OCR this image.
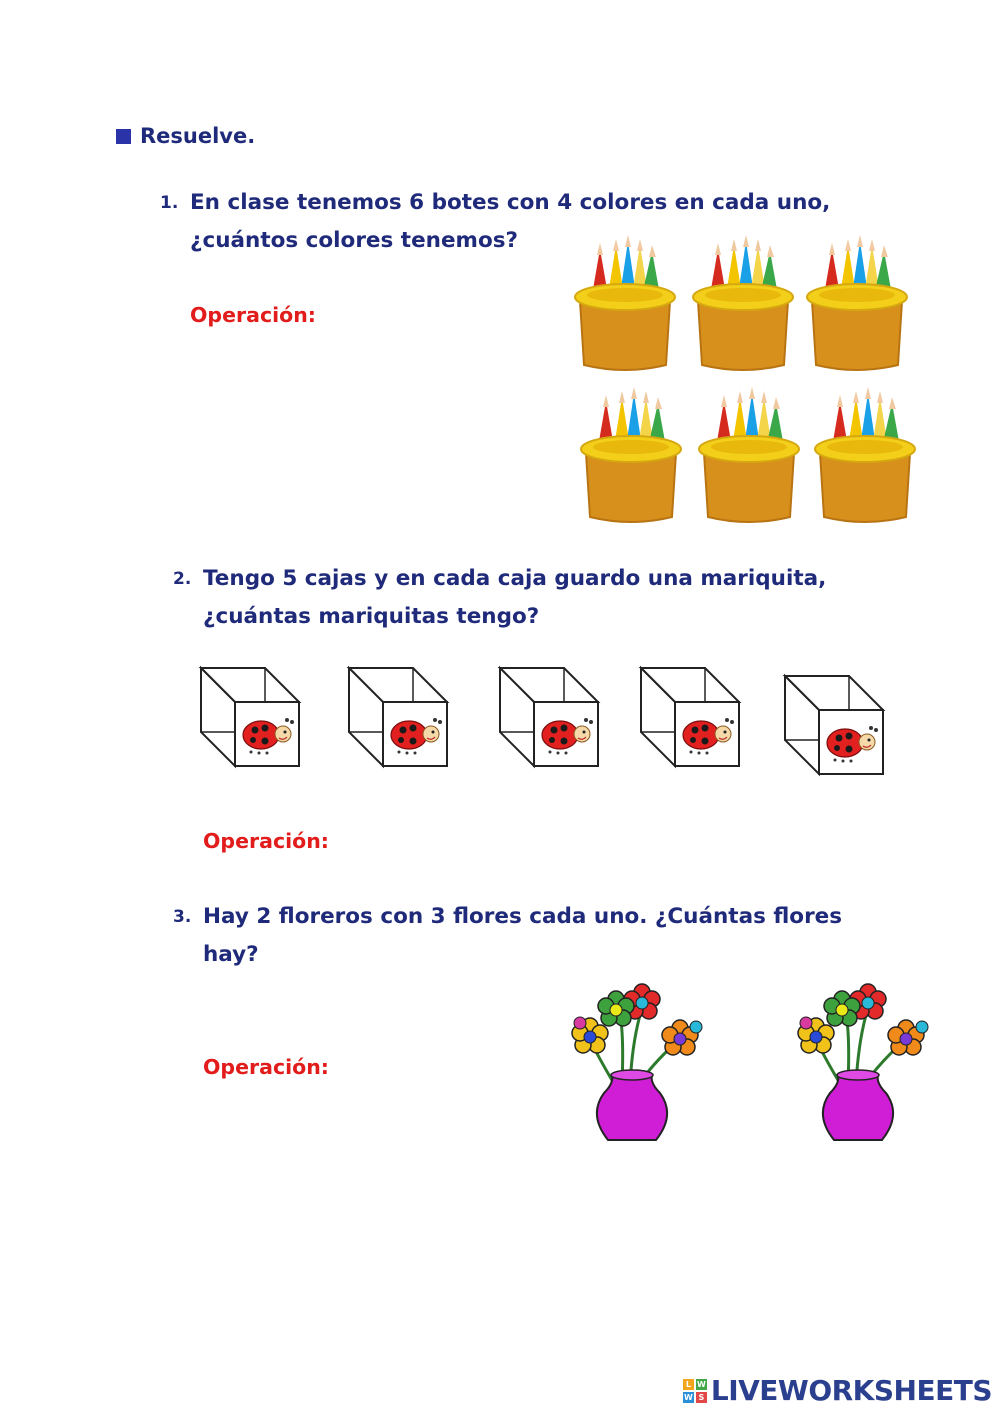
Resuelve.
1. En clase tenemos 6 botes con 4 colores en cada uno,
¿cuántos colores tenemos?
Operación:
2. Tengo 5 cajas y en cada caja guardo una mariquita,
¿cuántas mariquitas tengo?
Operación:
3. Hay 2 floreros con 3 flores cada uno. ¿Cuántas flores
hay?
Operación:
L W
W S LIVEWORKSHEETS
